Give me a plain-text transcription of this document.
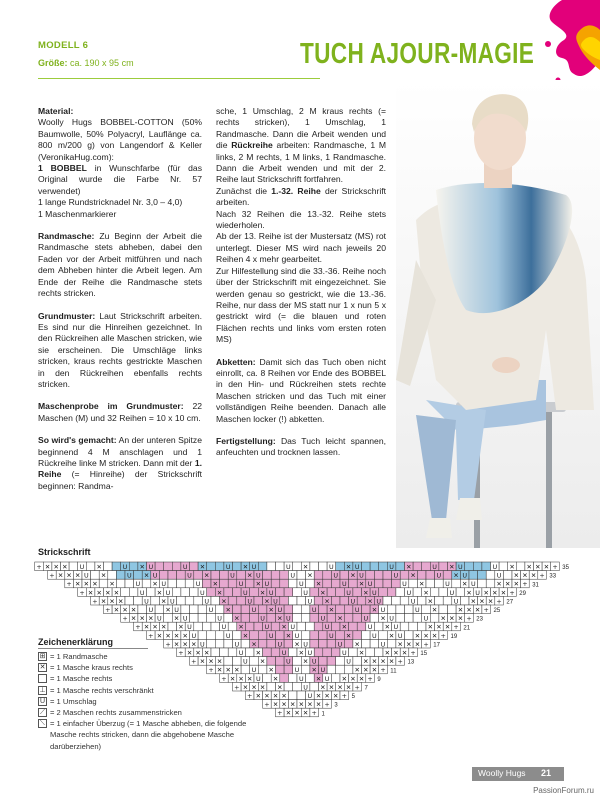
MODELL 6
Größe: ca. 190 x 95 cm	TUCH AJOUR-MAGIE

Material:
Woolly Hugs BOBBEL-COTTON (50% Baumwolle, 50% Polyacryl, Lauflänge ca. 800 m/200 g) von Langendorf & Keller (VeronikaHug.com):
1 BOBBEL in Wunschfarbe (für das Original wurde die Farbe Nr. 57 verwendet)
1 lange Rundstricknadel Nr. 3,0 – 4,0)
1 Maschenmarkierer

Randmasche: Zu Beginn der Arbeit die Randmasche stets abheben, dabei den Faden vor der Arbeit mitführen und nach dem Abheben hinter die Arbeit legen. Am Ende der Reihe die Randmasche stets rechts stricken.

Grundmuster: Laut Strickschrift arbeiten. Es sind nur die Hinreihen gezeichnet. In den Rückreihen alle Maschen stricken, wie sie erscheinen. Die Umschläge links stricken, kraus rechts gestrickte Maschen in den Rückreihen ebenfalls rechts stricken.

Maschenprobe im Grundmuster: 22 Maschen (M) und 32 Reihen = 10 x 10 cm.

So wird's gemacht: An der unteren Spitze beginnend 4 M anschlagen und 1 Rückreihe linke M stricken. Dann mit der 1. Reihe (= Hinreihe) der Strickschrift beginnen: Randma-

sche, 1 Umschlag, 2 M kraus rechts (= rechts stricken), 1 Umschlag, 1 Randmasche. Dann die Arbeit wenden und die Rückreihe arbeiten: Randmasche, 1 M links, 2 M rechts, 1 M links, 1 Randmasche. Dann die Arbeit wenden und mit der 2. Reihe laut Strickschrift fortfahren.
Zunächst die 1.-32. Reihe der Strickschrift arbeiten.
Nach 32 Reihen die 13.-32. Reihe stets wiederholen.
Ab der 13. Reihe ist der Mustersatz (MS) rot unterlegt. Dieser MS wird nach jeweils 20 Reihen 4 x mehr gearbeitet.
Zur Hilfestellung sind die 33.-36. Reihe noch über der Strickschrift mit eingezeichnet. Sie werden genau so gestrickt, wie die 13.-36. Reihe, nur dass der MS statt nur 1 x nun 5 x gestrickt wird (= die blauen und roten Flächen rechts und links vom ersten roten MS)

Abketten: Damit sich das Tuch oben nicht einrollt, ca. 8 Reihen vor Ende des BOBBEL in den Hin- und Rückreihen stets rechte Maschen stricken und das Tuch mit einer vollständigen Reihe beenden. Danach alle Maschen locker (!) abketten.

Fertigstellung: Das Tuch leicht spannen, anfeuchten und trocknen lassen.

Strickschrift
+ ✕ ✕ ✕ U ✕	U ✕ U	U ✕	U ✕ U	U ✕	U ✕ U	U ✕	U ✕ U	U ✕ ✕ ✕ ✕ + 35
+ ✕ ✕ ✕ U ✕	U ✕ U	U ✕	U ✕ U	U ✕	U ✕ U	U ✕	U ✕ U	U ✕ ✕ ✕ + 33
+ ✕ ✕ ✕ ✕	U ✕ U	U ✕	U ✕ U	U ✕	U ✕ U	U ✕	U ✕ U	✕ ✕ ✕ + 31
+ ✕ ✕ ✕ ✕	U ✕ U	U ✕	U ✕ U	U ✕	U ✕ U	U ✕	U ✕ U ✕ ✕ ✕ + 29
+ ✕ ✕ ✕	U ✕ U	U ✕	U ✕ U	U ✕	U ✕ U	U ✕	U ✕ ✕ ✕ + 27
+ ✕ ✕ ✕ U ✕ U	U ✕	U ✕ U	U ✕	U ✕ U	U ✕	✕ ✕ ✕ + 25
+ ✕ ✕ ✕ U ✕ U	U ✕	U ✕ U	U ✕	U ✕ U	U ✕ ✕ ✕ + 23
+ ✕ ✕ ✕ ✕ U	U ✕	U ✕ U	U ✕	U ✕ U	✕ ✕ ✕ + 21
+ ✕ ✕ ✕ ✕ U	U ✕	U ✕ U	U ✕	U ✕ U ✕ ✕ ✕ + 19
+ ✕ ✕ ✕ U	U ✕	U ✕ U	U ✕	U ✕ ✕ ✕ + 17
+ ✕ ✕ ✕	U ✕	U ✕ U	U ✕	✕ ✕ ✕ + 15
+ ✕ ✕ ✕	U ✕	U ✕ U	U ✕ ✕ ✕ ✕ + 13
+ ✕ ✕ ✕ U ✕	U ✕ U	✕ ✕ ✕ + 11
+ ✕ ✕ ✕ U ✕	U ✕ U ✕ ✕ ✕ + 9
+ ✕ ✕ ✕ ✕	U ✕ ✕ ✕ ✕ + 7
+ ✕ ✕ ✕ ✕	U ✕ ✕ ✕ + 5
+ ✕ ✕ ✕ ✕ ✕ ✕ + 3
+ ✕ ✕ ✕ + 1
Zeichenerklärung
⊞ = 1 Randmasche
✕ = 1 Masche kraus rechts
= 1 Masche rechts
⊥ = 1 Masche rechts verschränkt
U = 1 Umschlag
⟋ = 2 Maschen rechts zusammenstricken
⟍ = 1 einfacher Überzug (= 1 Masche abheben, die folgende Masche rechts stricken, dann die abgehobene Masche darüberziehen)
Woolly Hugs 21
PassionForum.ru
